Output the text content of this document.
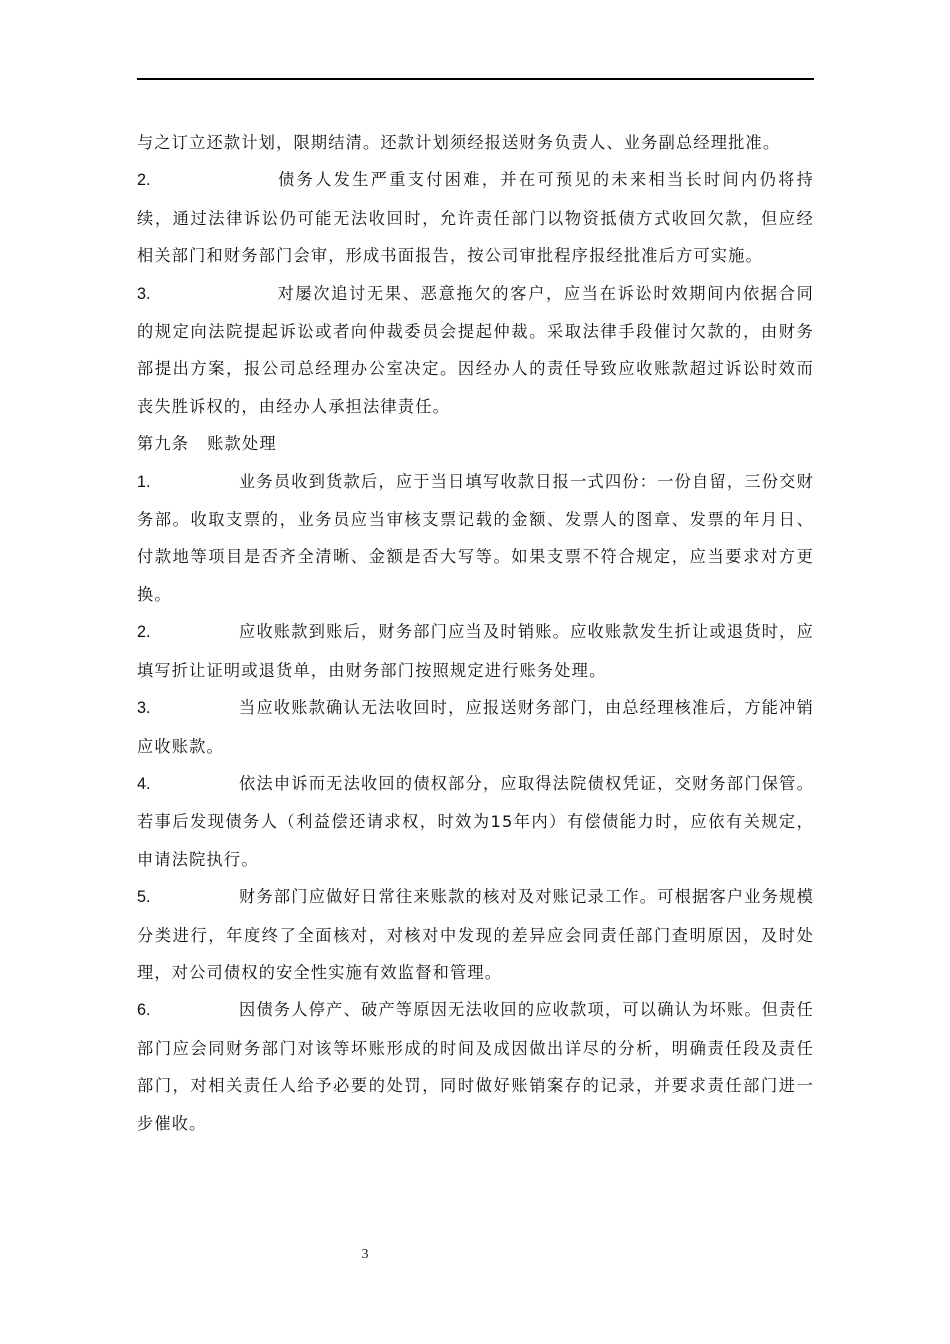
与之订立还款计划，限期结清。还款计划须经报送财务负责人、业务副总经理批准。

2.	债务人发生严重支付困难，并在可预见的未来相当长时间内仍将持续，通过法律诉讼仍可能无法收回时，允许责任部门以物资抵债方式收回欠款，但应经相关部门和财务部门会审，形成书面报告，按公司审批程序报经批准后方可实施。

3.	对屡次追讨无果、恶意拖欠的客户，应当在诉讼时效期间内依据合同的规定向法院提起诉讼或者向仲裁委员会提起仲裁。采取法律手段催讨欠款的，由财务部提出方案，报公司总经理办公室决定。因经办人的责任导致应收账款超过诉讼时效而丧失胜诉权的，由经办人承担法律责任。

第九条 账款处理

1.	业务员收到货款后，应于当日填写收款日报一式四份：一份自留，三份交财务部。收取支票的，业务员应当审核支票记载的金额、发票人的图章、发票的年月日、付款地等项目是否齐全清晰、金额是否大写等。如果支票不符合规定，应当要求对方更换。

2.	应收账款到账后，财务部门应当及时销账。应收账款发生折让或退货时，应填写折让证明或退货单，由财务部门按照规定进行账务处理。

3.	当应收账款确认无法收回时，应报送财务部门，由总经理核准后，方能冲销应收账款。

4.	依法申诉而无法收回的债权部分，应取得法院债权凭证，交财务部门保管。若事后发现债务人（利益偿还请求权，时效为15年内）有偿债能力时，应依有关规定，申请法院执行。

5.	财务部门应做好日常往来账款的核对及对账记录工作。可根据客户业务规模分类进行，年度终了全面核对，对核对中发现的差异应会同责任部门查明原因，及时处理，对公司债权的安全性实施有效监督和管理。

6.	因债务人停产、破产等原因无法收回的应收款项，可以确认为坏账。但责任部门应会同财务部门对该等坏账形成的时间及成因做出详尽的分析，明确责任段及责任部门，对相关责任人给予必要的处罚，同时做好账销案存的记录，并要求责任部门进一步催收。

3
